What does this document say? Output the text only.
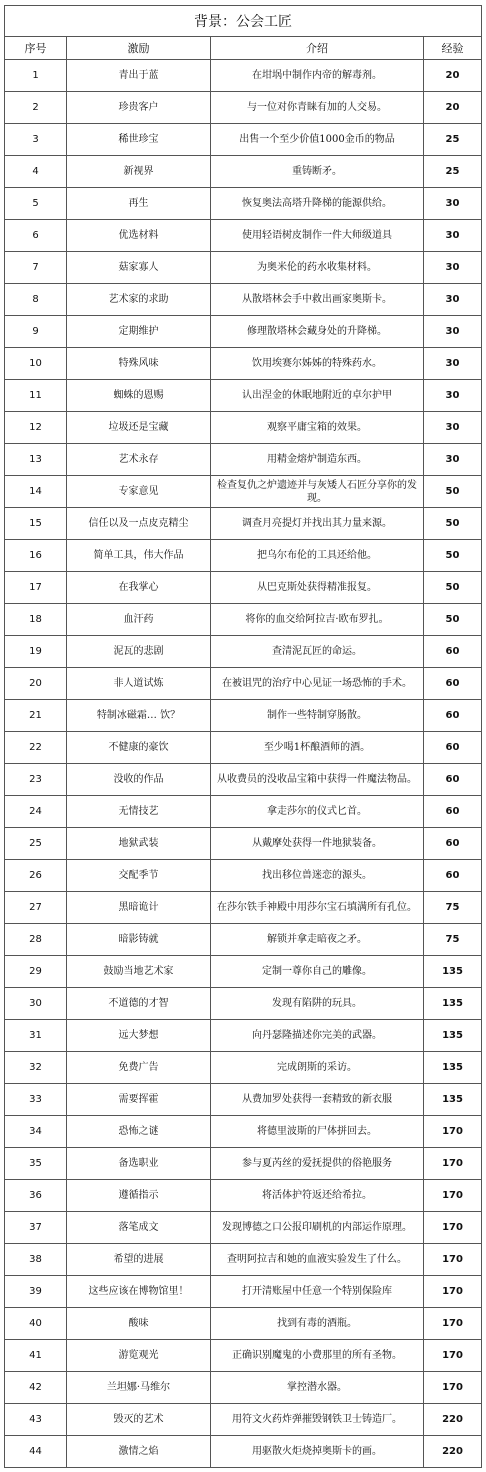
背景：公会工匠			
序号	激励	介绍	经验
1	青出于蓝	在坩埚中制作内帝的解毒剂。	20
2	珍贵客户	与一位对你青睐有加的人交易。	20
3	稀世珍宝	出售一个至少价值1000金币的物品	25
4	新视界	重铸断矛。	25
5	再生	恢复奥法高塔升降梯的能源供给。	30
6	优选材料	使用轻语树皮制作一件大师级道具	30
7	菇家寡人	为奥米伦的药水收集材料。	30
8	艺术家的求助	从散塔林会手中救出画家奥斯卡。	30
9	定期维护	修理散塔林会藏身处的升降梯。	30
10	特殊风味	饮用埃赛尔姊姊的特殊药水。	30
11	蜘蛛的恩赐	认出涅金的休眠地附近的卓尔护甲	30
12	垃圾还是宝藏	观察平庸宝箱的效果。	30
13	艺术永存	用精金熔炉制造东西。	30
14	专家意见	检查复仇之炉遗迹并与灰矮人石匠分享你的发现。	50
15	信任以及一点皮克精尘	调查月亮提灯并找出其力量来源。	50
16	简单工具，伟大作品	把乌尔布伦的工具还给他。	50
17	在我掌心	从巴克斯处获得精准报复。	50
18	血汗药	将你的血交给阿拉吉·欧布罗扎。	50
19	泥瓦的悲剧	查清泥瓦匠的命运。	60
20	非人道试炼	在被诅咒的治疗中心见证一场恐怖的手术。	60
21	特制冰磁霜… 饮？	制作一些特制穿肠散。	60
22	不健康的豪饮	至少喝1杯酿酒师的酒。	60
23	没收的作品	从收费员的没收品宝箱中获得一件魔法物品。	60
24	无情技艺	拿走莎尔的仪式匕首。	60
25	地狱武装	从戴摩处获得一件地狱装备。	60
26	交配季节	找出移位兽迷恋的源头。	60
27	黑暗诡计	在莎尔铁手神殿中用莎尔宝石填满所有孔位。	75
28	暗影铸就	解锁并拿走暗夜之矛。	75
29	鼓励当地艺术家	定制一尊你自己的雕像。	135
30	不道德的才智	发现有陷阱的玩具。	135
31	远大梦想	向丹瑟隆描述你完美的武器。	135
32	免费广告	完成朗斯的采访。	135
33	需要挥霍	从费加罗处获得一套精致的新衣服	135
34	恐怖之谜	将德里波斯的尸体拼回去。	170
35	备选职业	参与夏芮丝的爱抚提供的俗艳服务	170
36	遵循指示	将活体护符返还给希拉。	170
37	落笔成文	发现博德之口公报印刷机的内部运作原理。	170
38	希望的进展	查明阿拉吉和她的血液实验发生了什么。	170
39	这些应该在博物馆里！	打开清账屋中任意一个特别保险库	170
40	酸味	找到有毒的酒瓶。	170
41	游览观光	正确识别魔鬼的小费那里的所有圣物。	170
42	兰坦娜·马维尔	掌控潜水器。	170
43	毁灭的艺术	用符文火药炸弹摧毁钢铁卫士铸造厂。	220
44	激情之焰	用驱散火炬烧掉奥斯卡的画。	220
